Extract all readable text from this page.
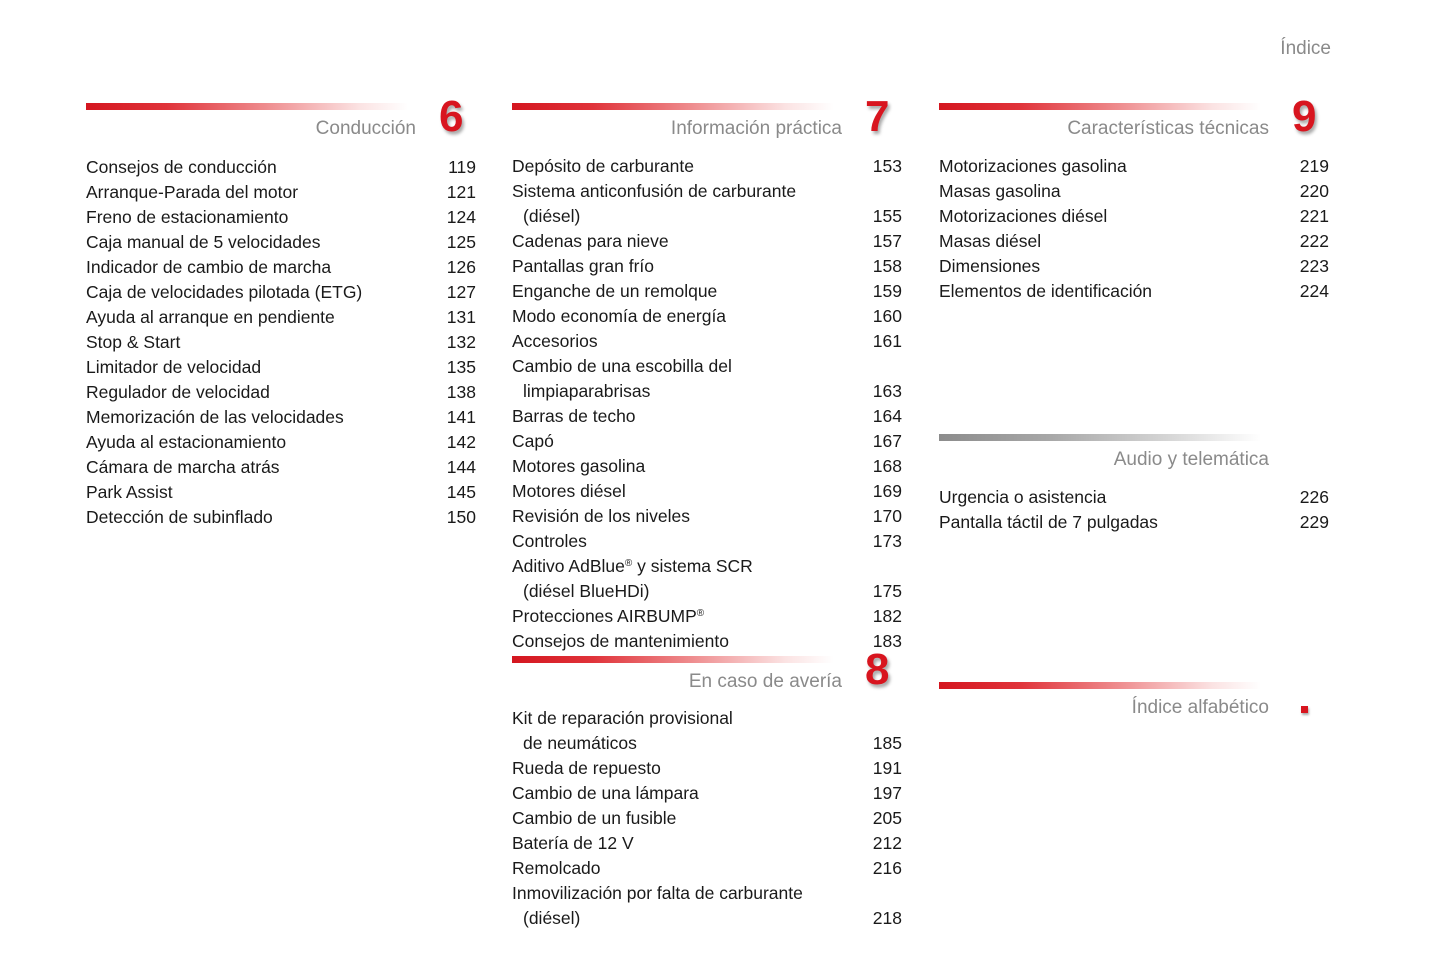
Índice
Conducción 6
Consejos de conducción	119
Arranque-Parada del motor	121
Freno de estacionamiento	124
Caja manual de 5 velocidades	125
Indicador de cambio de marcha	126
Caja de velocidades pilotada (ETG)	127
Ayuda al arranque en pendiente	131
Stop & Start	132
Limitador de velocidad	135
Regulador de velocidad	138
Memorización de las velocidades	141
Ayuda al estacionamiento	142
Cámara de marcha atrás	144
Park Assist	145
Detección de subinflado	150
Información práctica 7
Depósito de carburante	153
Sistema anticonfusión de carburante
(diésel)	155
Cadenas para nieve	157
Pantallas gran frío	158
Enganche de un remolque	159
Modo economía de energía	160
Accesorios	161
Cambio de una escobilla del
limpiaparabrisas	163
Barras de techo	164
Capó	167
Motores gasolina	168
Motores diésel	169
Revisión de los niveles	170
Controles	173
Aditivo AdBlue® y sistema SCR
(diésel BlueHDi)	175
Protecciones AIRBUMP®	182
Consejos de mantenimiento	183
En caso de avería 8
Kit de reparación provisional
de neumáticos	185
Rueda de repuesto	191
Cambio de una lámpara	197
Cambio de un fusible	205
Batería de 12 V	212
Remolcado	216
Inmovilización por falta de carburante
(diésel)	218
Características técnicas 9
Motorizaciones gasolina	219
Masas gasolina	220
Motorizaciones diésel	221
Masas diésel	222
Dimensiones	223
Elementos de identificación	224
Audio y telemática
Urgencia o asistencia	226
Pantalla táctil de 7 pulgadas	229
Índice alfabético
